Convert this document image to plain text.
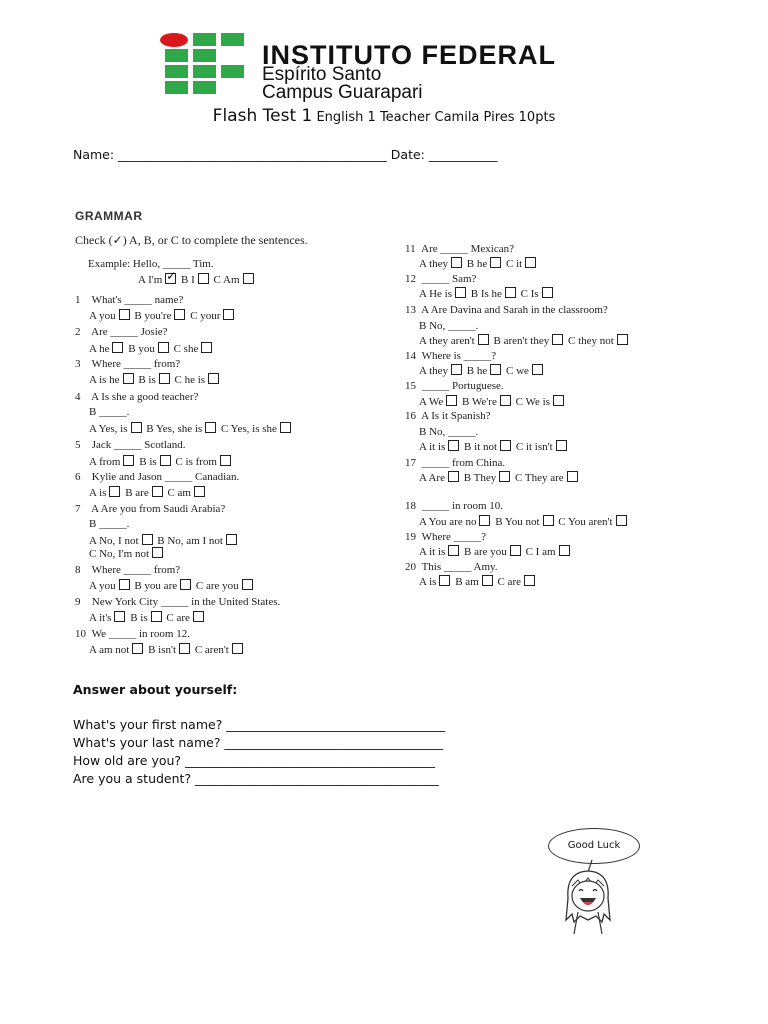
INSTITUTO FEDERAL
Espírito Santo
Campus Guarapari
Flash Test 1 English 1 Teacher Camila Pires 10pts
Name: ___________________________________________ Date: ___________
GRAMMAR
Check (✓) A, B, or C to complete the sentences.
Example: Hello, _____ Tim.
A I'm✓ B I C Am
1 What's _____ name?
A you B you're C your
2 Are _____ Josie?
A he B you C she
3 Where _____ from?
A is he B is C he is
4 A Is she a good teacher?
B _____.
A Yes, is B Yes, she is C Yes, is she
5 Jack _____ Scotland.
A from B is C is from
6 Kylie and Jason _____ Canadian.
A is B are C am
7 A Are you from Saudi Arabia?
B _____.
A No, I not B No, am I not
C No, I'm not
8 Where _____ from?
A you B you are C are you
9 New York City _____ in the United States.
A it's B is C are
10 We _____ in room 12.
A am not B isn't C aren't
11 Are _____ Mexican?
A they B he C it
12 _____ Sam?
A He is B Is he C Is
13 A Are Davina and Sarah in the classroom?
B No, _____.
A they aren't B aren't they C they not
14 Where is _____?
A they B he C we
15 _____ Portuguese.
A We B We're C We is
16 A Is it Spanish?
B No, _____.
A it is B it not C it isn't
17 _____ from China.
A Are B They C They are
18 _____ in room 10.
A You are no B You not C You aren't
19 Where _____?
A it is B are you C I am
20 This _____ Amy.
A is B am C are
Answer about yourself:
What's your first name? ___________________________________
What's your last name? ___________________________________
How old are you? ________________________________________
Are you a student? _______________________________________
Good Luck
